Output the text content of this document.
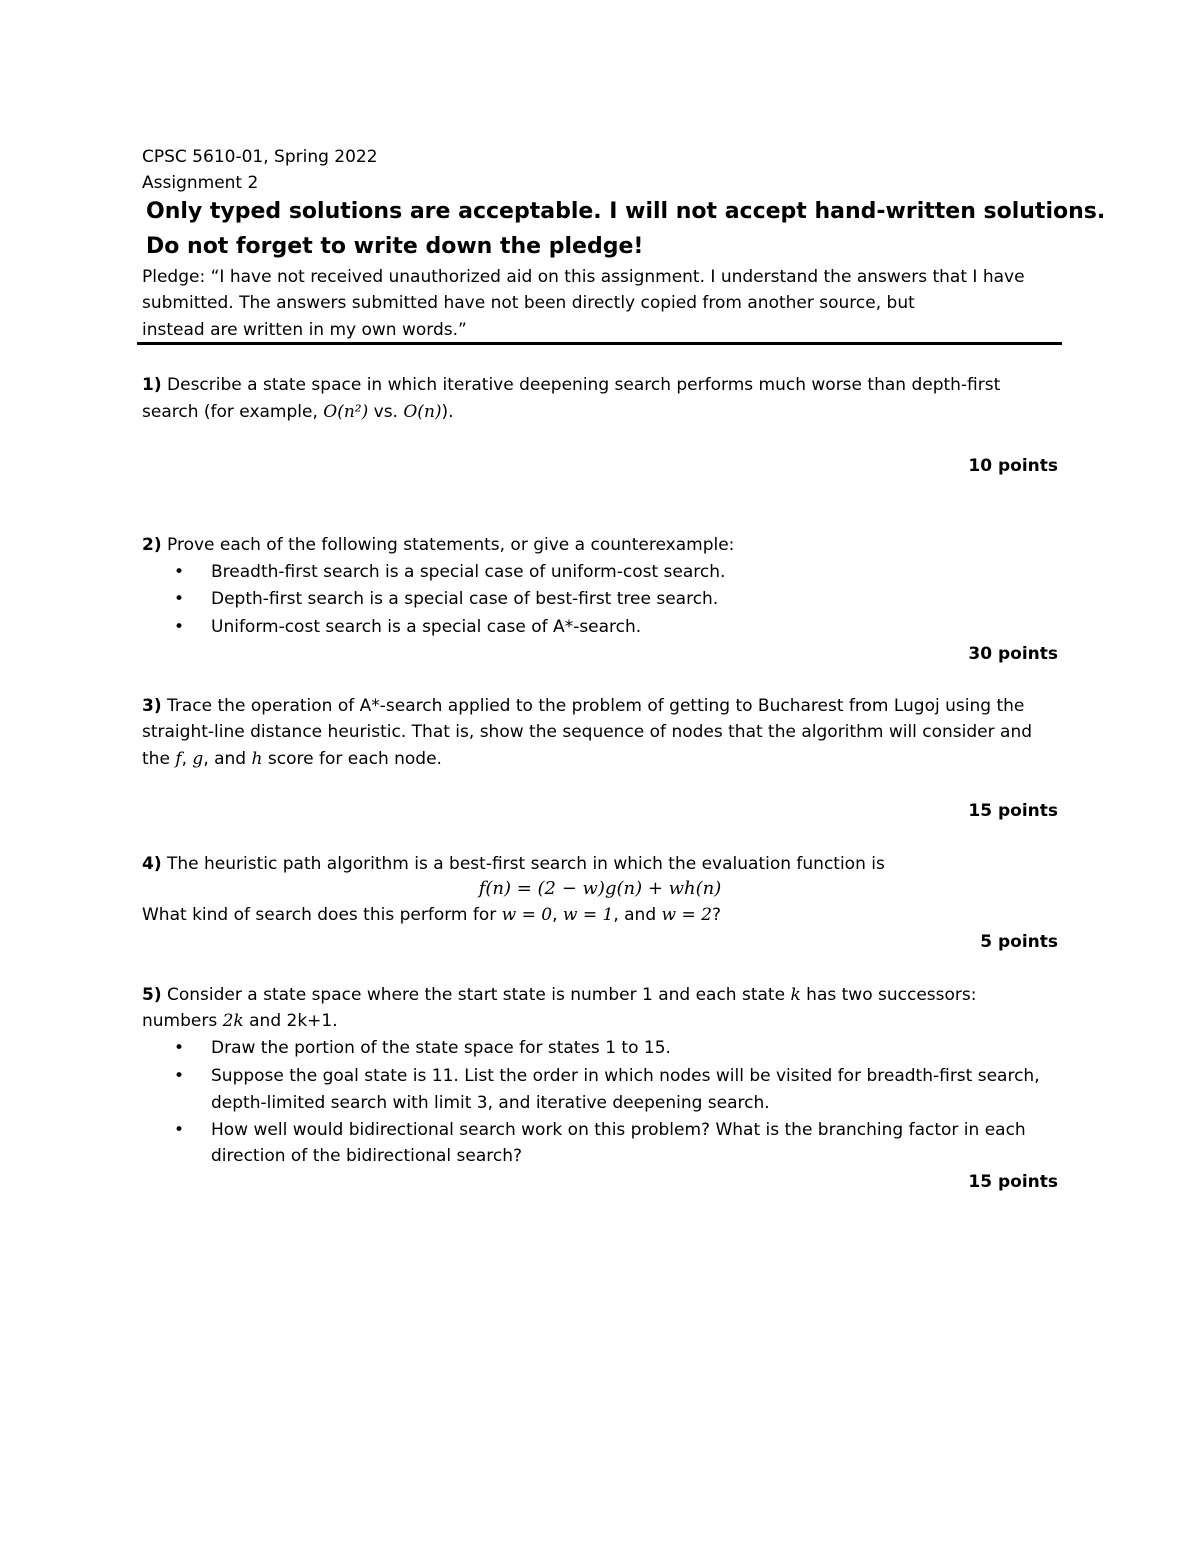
CPSC 5610-01, Spring 2022
Assignment 2
Only typed solutions are acceptable. I will not accept hand-written solutions.
Do not forget to write down the pledge!
Pledge: “I have not received unauthorized aid on this assignment. I understand the answers that I have
submitted. The answers submitted have not been directly copied from another source, but
instead are written in my own words.”
1) Describe a state space in which iterative deepening search performs much worse than depth-first
search (for example, O(n²) vs. O(n)).
10 points
2) Prove each of the following statements, or give a counterexample:
• Breadth-first search is a special case of uniform-cost search.
• Depth-first search is a special case of best-first tree search.
• Uniform-cost search is a special case of A*-search.
30 points
3) Trace the operation of A*-search applied to the problem of getting to Bucharest from Lugoj using the
straight-line distance heuristic. That is, show the sequence of nodes that the algorithm will consider and
the f, g, and h score for each node.
15 points
4) The heuristic path algorithm is a best-first search in which the evaluation function is
f(n) = (2 − w)g(n) + wh(n)
What kind of search does this perform for w = 0, w = 1, and w = 2?
5 points
5) Consider a state space where the start state is number 1 and each state k has two successors:
numbers 2k and 2k+1.
• Draw the portion of the state space for states 1 to 15.
• Suppose the goal state is 11. List the order in which nodes will be visited for breadth-first search,
depth-limited search with limit 3, and iterative deepening search.
• How well would bidirectional search work on this problem? What is the branching factor in each
direction of the bidirectional search?
15 points
